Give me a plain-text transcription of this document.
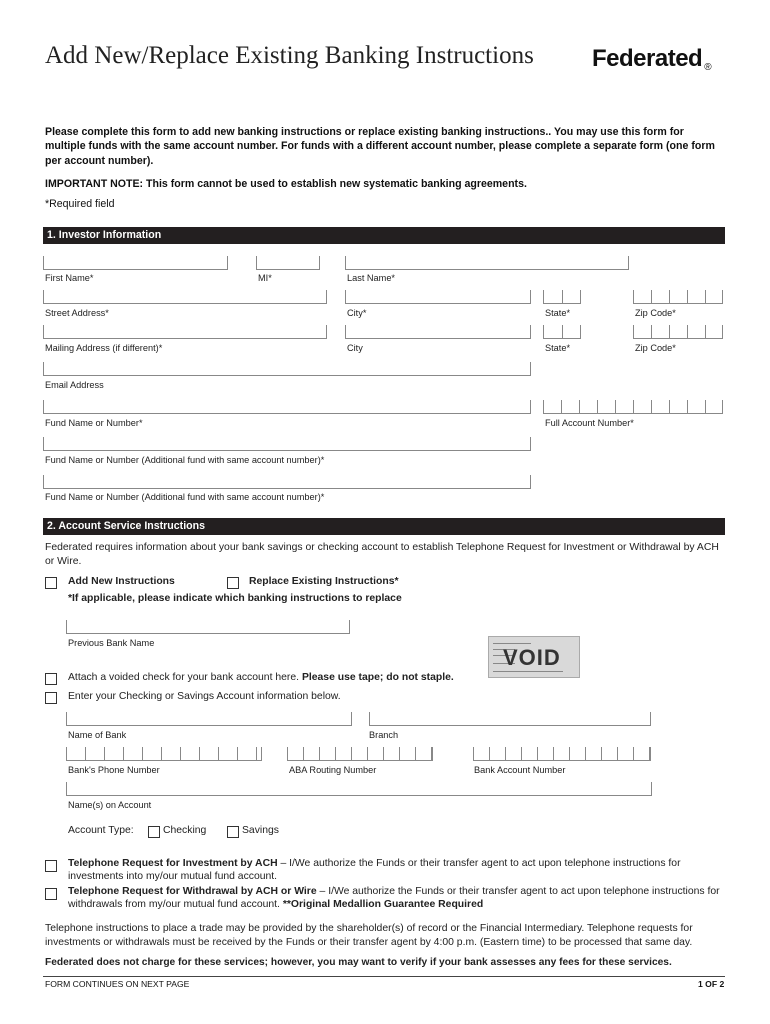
Add New/Replace Existing Banking Instructions Federated ®
Please complete this form to add new banking instructions or replace existing banking instructions.. You may use this form for multiple funds with the same account number. For funds with a different account number, please complete a separate form (one form per account number).
IMPORTANT NOTE: This form cannot be used to establish new systematic banking agreements.
*Required field
1. Investor Information
First Name*	MI*	Last Name*
Street Address*	City*	State*	Zip Code*
Mailing Address (if different)*	City	State*	Zip Code*
Email Address
Fund Name or Number*	Full Account Number*
Fund Name or Number (Additional fund with same account number)*
Fund Name or Number (Additional fund with same account number)*
2. Account Service Instructions
Federated requires information about your bank savings or checking account to establish Telephone Request for Investment or Withdrawal by ACH or Wire.
Add New Instructions	Replace Existing Instructions*
*If applicable, please indicate which banking instructions to replace
Previous Bank Name
VOID
Attach a voided check for your bank account here. Please use tape; do not staple.
Enter your Checking or Savings Account information below.
Name of Bank	Branch
Bank's Phone Number	ABA Routing Number	Bank Account Number
Name(s) on Account
Account Type:	Checking	Savings
Telephone Request for Investment by ACH – I/We authorize the Funds or their transfer agent to act upon telephone instructions for investments into my/our mutual fund account.
Telephone Request for Withdrawal by ACH or Wire – I/We authorize the Funds or their transfer agent to act upon telephone instructions for withdrawals from my/our mutual fund account. **Original Medallion Guarantee Required
Telephone instructions to place a trade may be provided by the shareholder(s) of record or the Financial Intermediary. Telephone requests for investments or withdrawals must be received by the Funds or their transfer agent by 4:00 p.m. (Eastern time) to be processed that same day.
Federated does not charge for these services; however, you may want to verify if your bank assesses any fees for these services.
FORM CONTINUES ON NEXT PAGE	1 OF 2
